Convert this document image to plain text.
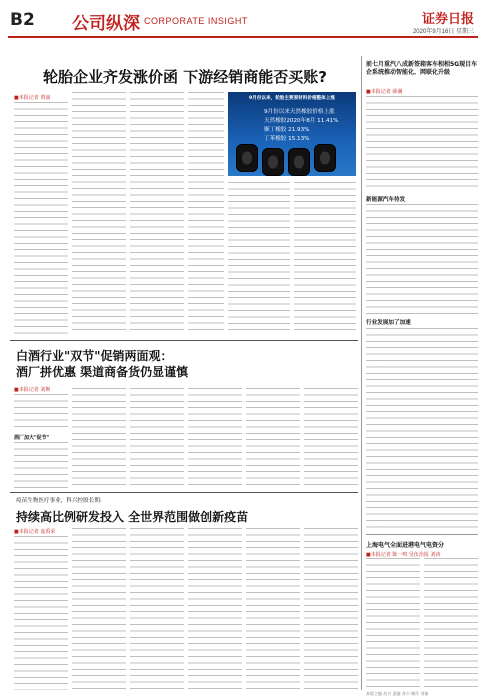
B2 公司纵深 CORPORATE INSIGHT	证券日报
2020年9月16日 星期三
轮胎企业齐发涨价函 下游经销商能否买账?
■本报记者 贾丽	9月份以来，轮胎主要原材料价格整体上涨
9月份以来天然橡胶价格上涨
天然橡胶2020年8月 11.41%
顺丁橡胶 21.93%
丁苯橡胶 15.13%
前七月重汽八成新签箱客车相相5G现目车企系统推动智能化、网联化升级
■本报记者 薛澜
新能源汽车待发
行业发展加了加速
上海电气全面进港电气电资分
■本报记者 陈一鸣 吴伍治报 刘涛
白酒行业"双节"促销两面观：
酒厂拼优惠 渠道商备货仍显谨慎
■本报记者 刘斯
酒厂加大"促节"
疫苗生物医疗事业，科兴控股长期:
持续高比例研发投入 全世界范围做创新疫苗
■本报记者 庞禹荣
本版主编 苏兴 责编 苏兴 制作 刘雄
